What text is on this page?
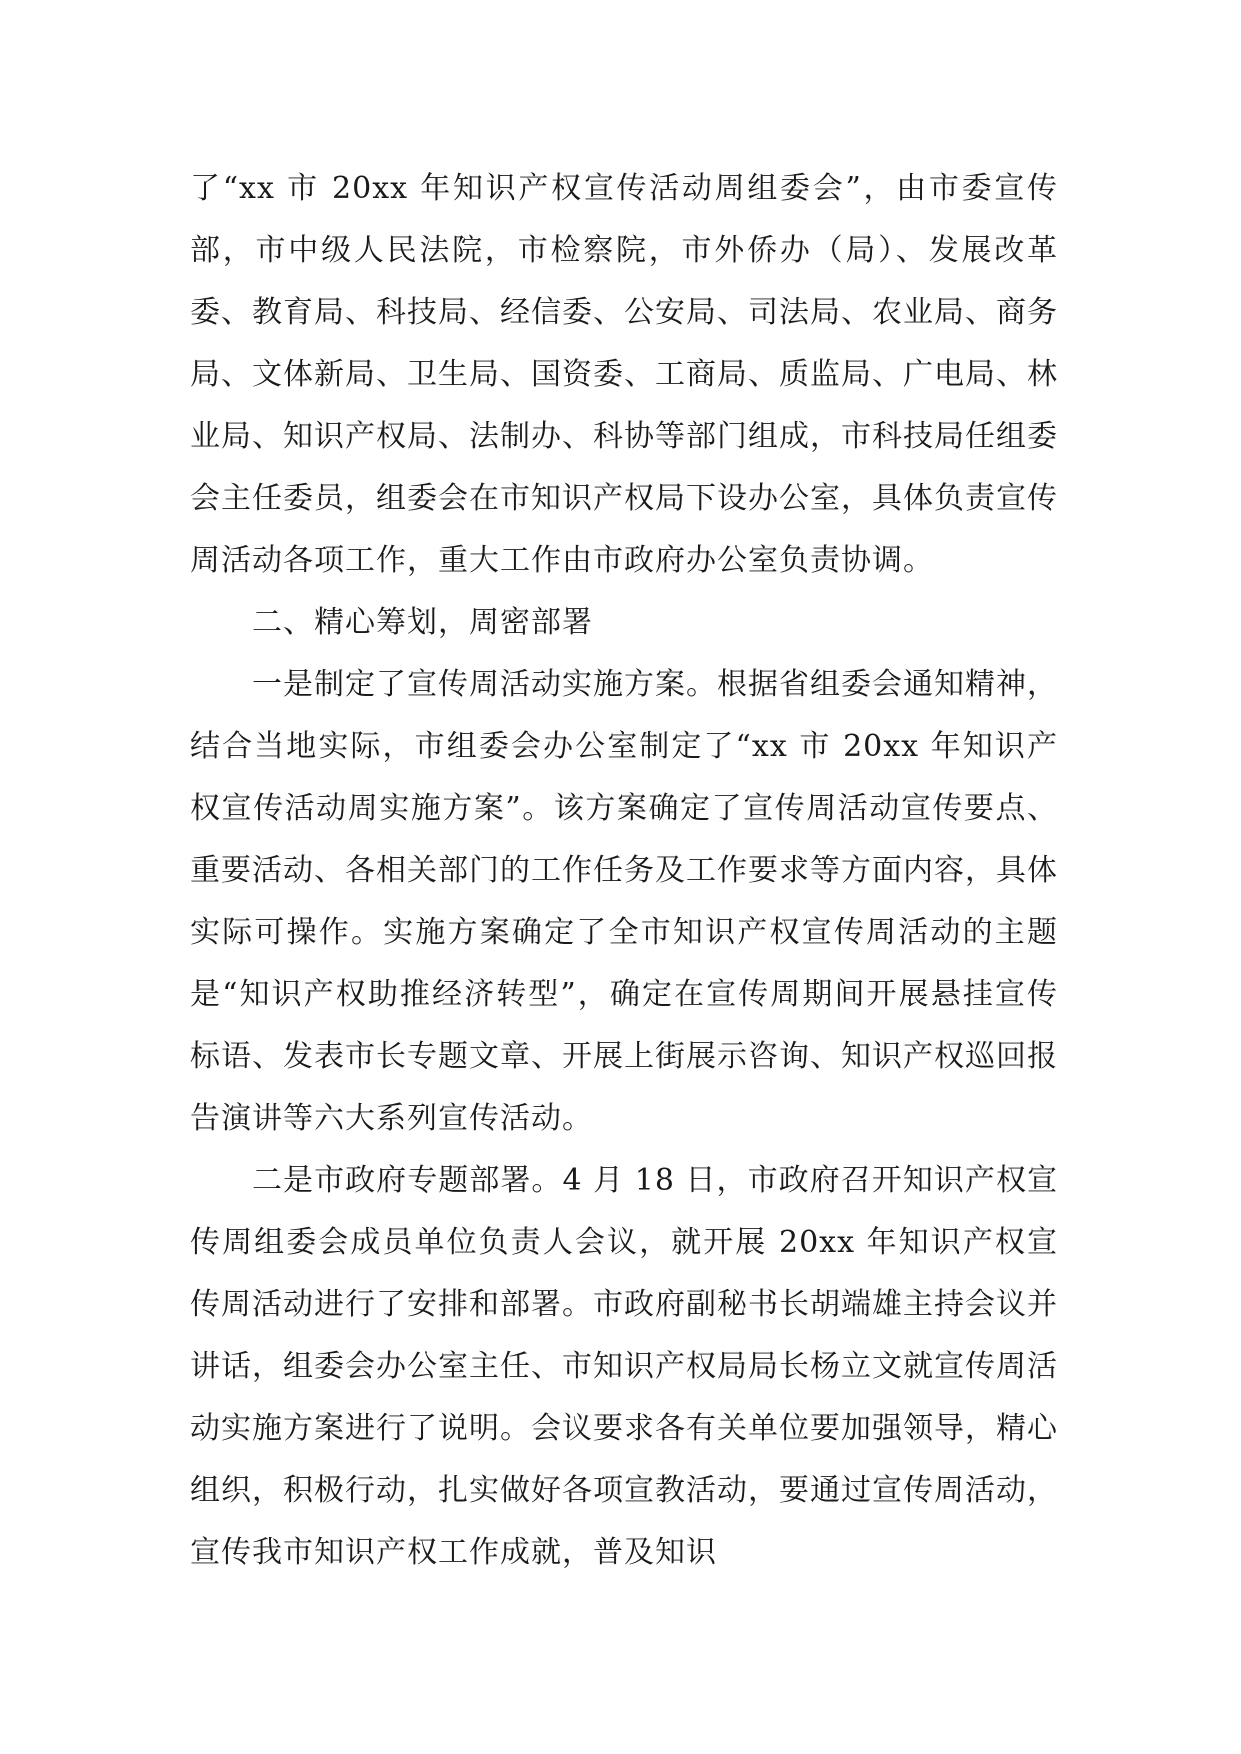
了“xx 市 20xx 年知识产权宣传活动周组委会”，由市委宣传部，市中级人民法院，市检察院，市外侨办（局）、发展改革委、教育局、科技局、经信委、公安局、司法局、农业局、商务局、文体新局、卫生局、国资委、工商局、质监局、广电局、林业局、知识产权局、法制办、科协等部门组成，市科技局任组委会主任委员，组委会在市知识产权局下设办公室，具体负责宣传周活动各项工作，重大工作由市政府办公室负责协调。

二、精心筹划，周密部署

一是制定了宣传周活动实施方案。根据省组委会通知精神，结合当地实际，市组委会办公室制定了“xx 市 20xx 年知识产权宣传活动周实施方案”。该方案确定了宣传周活动宣传要点、重要活动、各相关部门的工作任务及工作要求等方面内容，具体实际可操作。实施方案确定了全市知识产权宣传周活动的主题是“知识产权助推经济转型”，确定在宣传周期间开展悬挂宣传标语、发表市长专题文章、开展上街展示咨询、知识产权巡回报告演讲等六大系列宣传活动。

二是市政府专题部署。4 月 18 日，市政府召开知识产权宣传周组委会成员单位负责人会议，就开展 20xx 年知识产权宣传周活动进行了安排和部署。市政府副秘书长胡端雄主持会议并讲话，组委会办公室主任、市知识产权局局长杨立文就宣传周活动实施方案进行了说明。会议要求各有关单位要加强领导，精心组织，积极行动，扎实做好各项宣教活动，要通过宣传周活动，宣传我市知识产权工作成就，普及知识
